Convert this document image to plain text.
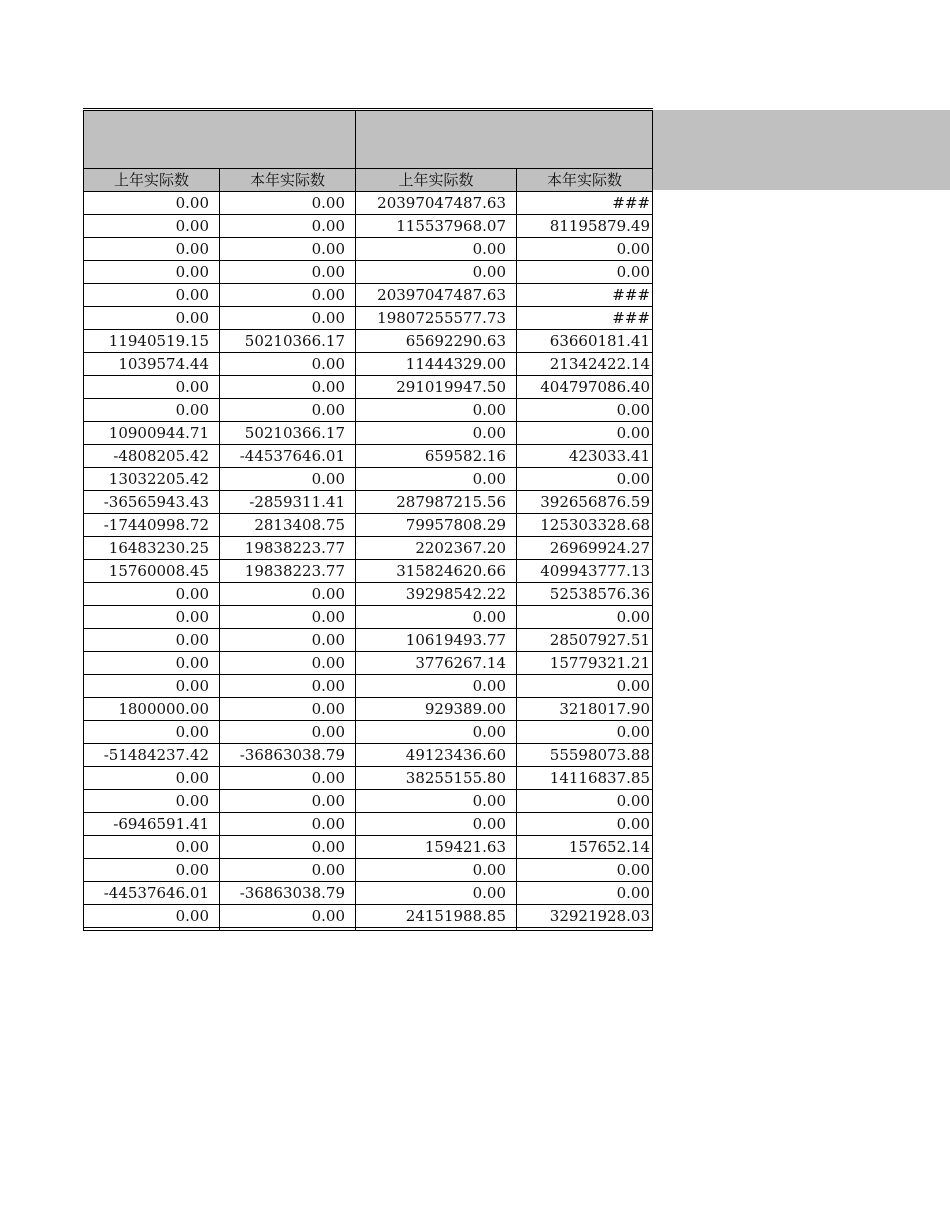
上年实际数	本年实际数	上年实际数	本年实际数
0.00	0.00	20397047487.63	###
0.00	0.00	115537968.07	81195879.49
0.00	0.00	0.00	0.00
0.00	0.00	0.00	0.00
0.00	0.00	20397047487.63	###
0.00	0.00	19807255577.73	###
11940519.15	50210366.17	65692290.63	63660181.41
1039574.44	0.00	11444329.00	21342422.14
0.00	0.00	291019947.50	404797086.40
0.00	0.00	0.00	0.00
10900944.71	50210366.17	0.00	0.00
-4808205.42	-44537646.01	659582.16	423033.41
13032205.42	0.00	0.00	0.00
-36565943.43	-2859311.41	287987215.56	392656876.59
-17440998.72	2813408.75	79957808.29	125303328.68
16483230.25	19838223.77	2202367.20	26969924.27
15760008.45	19838223.77	315824620.66	409943777.13
0.00	0.00	39298542.22	52538576.36
0.00	0.00	0.00	0.00
0.00	0.00	10619493.77	28507927.51
0.00	0.00	3776267.14	15779321.21
0.00	0.00	0.00	0.00
1800000.00	0.00	929389.00	3218017.90
0.00	0.00	0.00	0.00
-51484237.42	-36863038.79	49123436.60	55598073.88
0.00	0.00	38255155.80	14116837.85
0.00	0.00	0.00	0.00
-6946591.41	0.00	0.00	0.00
0.00	0.00	159421.63	157652.14
0.00	0.00	0.00	0.00
-44537646.01	-36863038.79	0.00	0.00
0.00	0.00	24151988.85	32921928.03
